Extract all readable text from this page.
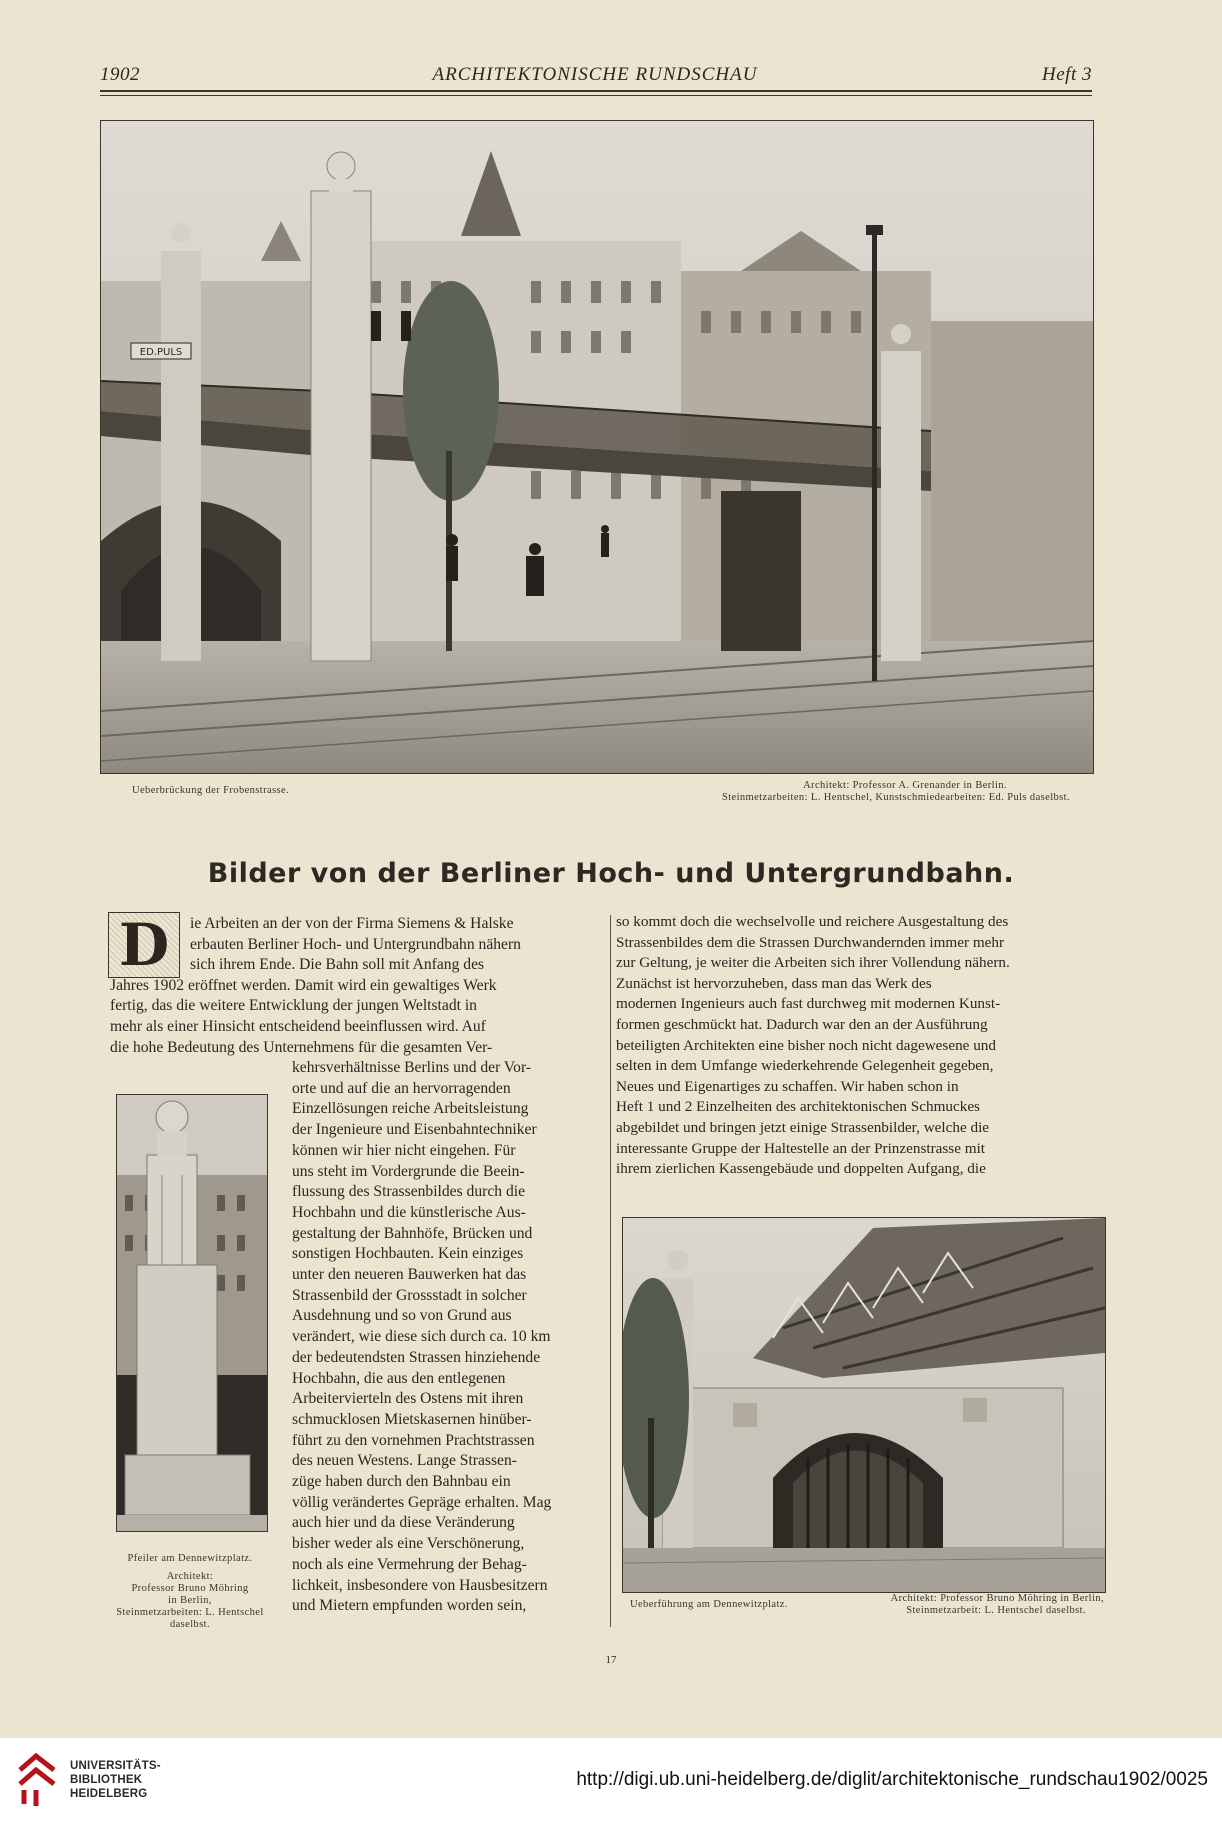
1902	ARCHITEKTONISCHE RUNDSCHAU	Heft 3
ED.PULS
Ueberbrückung der Frobenstrasse.	Architekt: Professor A. Grenander in Berlin.
Steinmetzarbeiten: L. Hentschel, Kunstschmiedearbeiten: Ed. Puls daselbst.
Bilder von der Berliner Hoch- und Untergrundbahn.
D	ie Arbeiten an der von der Firma Siemens & Halske
erbauten Berliner Hoch- und Untergrundbahn nähern
sich ihrem Ende. Die Bahn soll mit Anfang des
Jahres 1902 eröffnet werden. Damit wird ein gewaltiges Werk
fertig, das die weitere Entwicklung der jungen Weltstadt in
mehr als einer Hinsicht entscheidend beeinflussen wird. Auf
die hohe Bedeutung des Unternehmens für die gesamten Ver-
Pfeiler am Dennewitzplatz.
Architekt:
Professor Bruno Möhring
in Berlin,
Steinmetzarbeiten: L. Hentschel
daselbst.
kehrsverhältnisse Berlins und der Vor-
orte und auf die an hervorragenden
Einzellösungen reiche Arbeitsleistung
der Ingenieure und Eisenbahntechniker
können wir hier nicht eingehen. Für
uns steht im Vordergrunde die Beein-
flussung des Strassenbildes durch die
Hochbahn und die künstlerische Aus-
gestaltung der Bahnhöfe, Brücken und
sonstigen Hochbauten. Kein einziges
unter den neueren Bauwerken hat das
Strassenbild der Grossstadt in solcher
Ausdehnung und so von Grund aus
verändert, wie diese sich durch ca. 10 km
der bedeutendsten Strassen hinziehende
Hochbahn, die aus den entlegenen
Arbeitervierteln des Ostens mit ihren
schmucklosen Mietskasernen hinüber-
führt zu den vornehmen Prachtstrassen
des neuen Westens. Lange Strassen-
züge haben durch den Bahnbau ein
völlig verändertes Gepräge erhalten. Mag
auch hier und da diese Veränderung
bisher weder als eine Verschönerung,
noch als eine Vermehrung der Behag-
lichkeit, insbesondere von Hausbesitzern
und Mietern empfunden worden sein,
so kommt doch die wechselvolle und reichere Ausgestaltung des
Strassenbildes dem die Strassen Durchwandernden immer mehr
zur Geltung, je weiter die Arbeiten sich ihrer Vollendung nähern.
Zunächst ist hervorzuheben, dass man das Werk des
modernen Ingenieurs auch fast durchweg mit modernen Kunst-
formen geschmückt hat. Dadurch war den an der Ausführung
beteiligten Architekten eine bisher noch nicht dagewesene und
selten in dem Umfange wiederkehrende Gelegenheit gegeben,
Neues und Eigenartiges zu schaffen. Wir haben schon in
Heft 1 und 2 Einzelheiten des architektonischen Schmuckes
abgebildet und bringen jetzt einige Strassenbilder, welche die
interessante Gruppe der Haltestelle an der Prinzenstrasse mit
ihrem zierlichen Kassengebäude und doppelten Aufgang, die
Ueberführung am Dennewitzplatz.
Architekt: Professor Bruno Möhring in Berlin,
Steinmetzarbeit: L. Hentschel daselbst.
17
UNIVERSITÄTS-
BIBLIOTHEK
HEIDELBERG
http://digi.ub.uni-heidelberg.de/diglit/architektonische_rundschau1902/0025
